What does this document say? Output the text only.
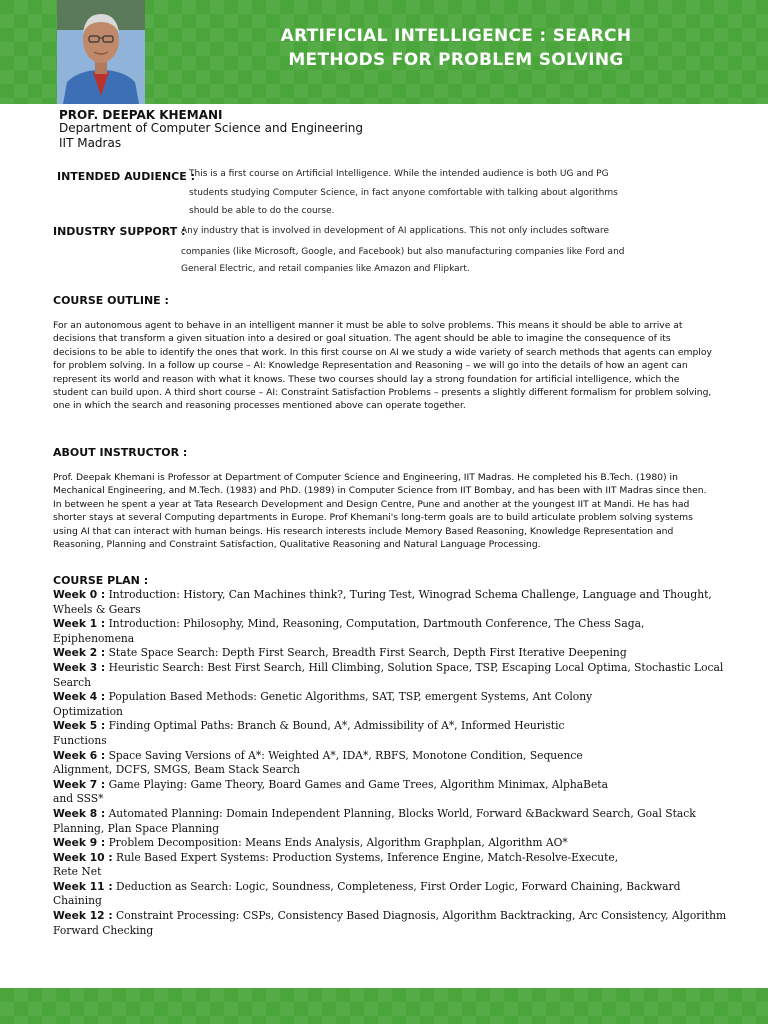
ARTIFICIAL INTELLIGENCE : SEARCH
METHODS FOR PROBLEM SOLVING
PROF. DEEPAK KHEMANI
Department of Computer Science and Engineering
IIT Madras
INTENDED AUDIENCE :
This is a first course on Artificial Intelligence. While the intended audience is both UG and PG
students studying Computer Science, in fact anyone comfortable with talking about algorithms
should be able to do the course.
INDUSTRY SUPPORT :
Any industry that is involved in development of AI applications. This not only includes software
companies (like Microsoft, Google, and Facebook) but also manufacturing companies like Ford and
General Electric, and retail companies like Amazon and Flipkart.
COURSE OUTLINE :
For an autonomous agent to behave in an intelligent manner it must be able to solve problems. This means it should be able to arrive at decisions that transform a given situation into a desired or goal situation. The agent should be able to imagine the consequence of its decisions to be able to identify the ones that work. In this first course on AI we study a wide variety of search methods that agents can employ for problem solving. In a follow up course – AI: Knowledge Representation and Reasoning – we will go into the details of how an agent can represent its world and reason with what it knows. These two courses should lay a strong foundation for artificial intelligence, which the student can build upon. A third short course – AI: Constraint Satisfaction Problems – presents a slightly different formalism for problem solving, one in which the search and reasoning processes mentioned above can operate together.
ABOUT INSTRUCTOR :
Prof. Deepak Khemani is Professor at Department of Computer Science and Engineering, IIT Madras. He completed his B.Tech. (1980) in Mechanical Engineering, and M.Tech. (1983) and PhD. (1989) in Computer Science from IIT Bombay, and has been with IIT Madras since then. In between he spent a year at Tata Research Development and Design Centre, Pune and another at the youngest IIT at Mandi. He has had shorter stays at several Computing departments in Europe. Prof Khemani's long-term goals are to build articulate problem solving systems using AI that can interact with human beings. His research interests include Memory Based Reasoning, Knowledge Representation and Reasoning, Planning and Constraint Satisfaction, Qualitative Reasoning and Natural Language Processing.
COURSE PLAN :
Week 0 : Introduction: History, Can Machines think?, Turing Test, Winograd Schema Challenge, Language and Thought,
Wheels & Gears
Week 1 : Introduction: Philosophy, Mind, Reasoning, Computation, Dartmouth Conference, The Chess Saga,
Epiphenomena
Week 2 : State Space Search: Depth First Search, Breadth First Search, Depth First Iterative Deepening
Week 3 : Heuristic Search: Best First Search, Hill Climbing, Solution Space, TSP, Escaping Local Optima, Stochastic Local
Search
Week 4 : Population Based Methods: Genetic Algorithms, SAT, TSP, emergent Systems, Ant Colony
Optimization
Week 5 : Finding Optimal Paths: Branch & Bound, A*, Admissibility of A*, Informed Heuristic
Functions
Week 6 : Space Saving Versions of A*: Weighted A*, IDA*, RBFS, Monotone Condition, Sequence
Alignment, DCFS, SMGS, Beam Stack Search
Week 7 : Game Playing: Game Theory, Board Games and Game Trees, Algorithm Minimax, AlphaBeta
and SSS*
Week 8 : Automated Planning: Domain Independent Planning, Blocks World, Forward &Backward Search, Goal Stack
Planning, Plan Space Planning
Week 9 : Problem Decomposition: Means Ends Analysis, Algorithm Graphplan, Algorithm AO*
Week 10 : Rule Based Expert Systems: Production Systems, Inference Engine, Match-Resolve-Execute,
Rete Net
Week 11 : Deduction as Search: Logic, Soundness, Completeness, First Order Logic, Forward Chaining, Backward
Chaining
Week 12 : Constraint Processing: CSPs, Consistency Based Diagnosis, Algorithm Backtracking, Arc Consistency, Algorithm
Forward Checking
